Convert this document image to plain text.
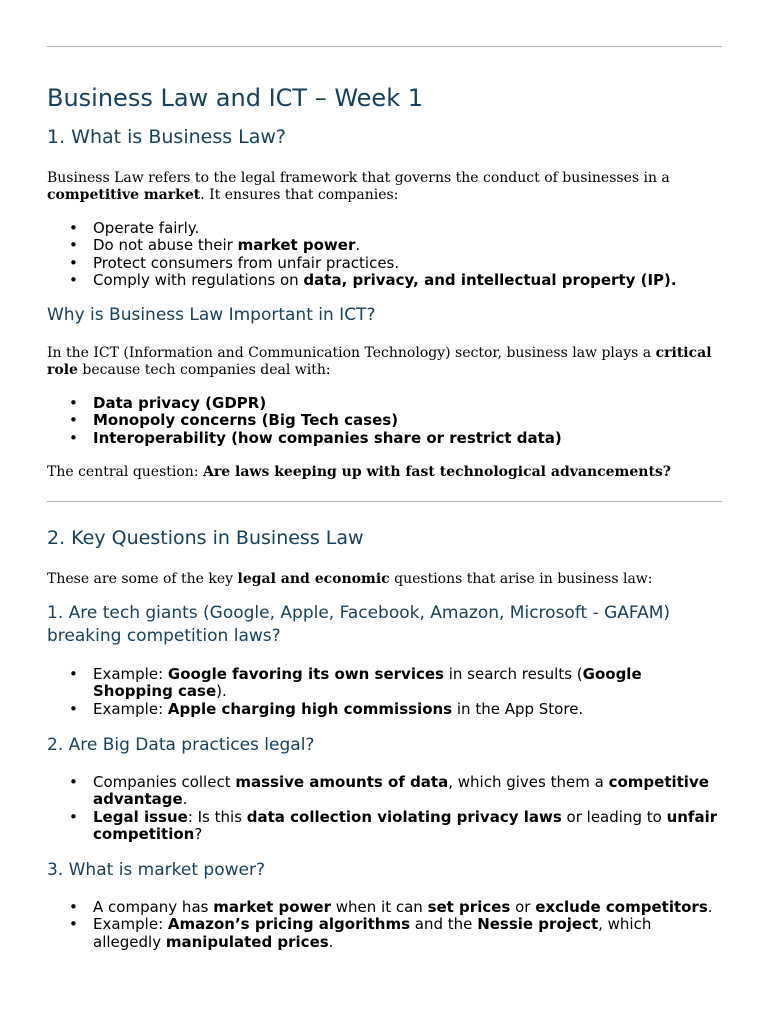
Business Law and ICT – Week 1
1. What is Business Law?

Business Law refers to the legal framework that governs the conduct of businesses in a competitive market. It ensures that companies:

• Operate fairly.
• Do not abuse their market power.
• Protect consumers from unfair practices.
• Comply with regulations on data, privacy, and intellectual property (IP).
Why is Business Law Important in ICT?

In the ICT (Information and Communication Technology) sector, business law plays a critical role because tech companies deal with:

• Data privacy (GDPR)
• Monopoly concerns (Big Tech cases)
• Interoperability (how companies share or restrict data)

The central question: Are laws keeping up with fast technological advancements?

2. Key Questions in Business Law

These are some of the key legal and economic questions that arise in business law:

1. Are tech giants (Google, Apple, Facebook, Amazon, Microsoft - GAFAM) breaking competition laws?
• Example: Google favoring its own services in search results (Google Shopping case).
• Example: Apple charging high commissions in the App Store.
2. Are Big Data practices legal?
• Companies collect massive amounts of data, which gives them a competitive advantage.
• Legal issue: Is this data collection violating privacy laws or leading to unfair competition?
3. What is market power?
• A company has market power when it can set prices or exclude competitors.
• Example: Amazon’s pricing algorithms and the Nessie project, which allegedly manipulated prices.
